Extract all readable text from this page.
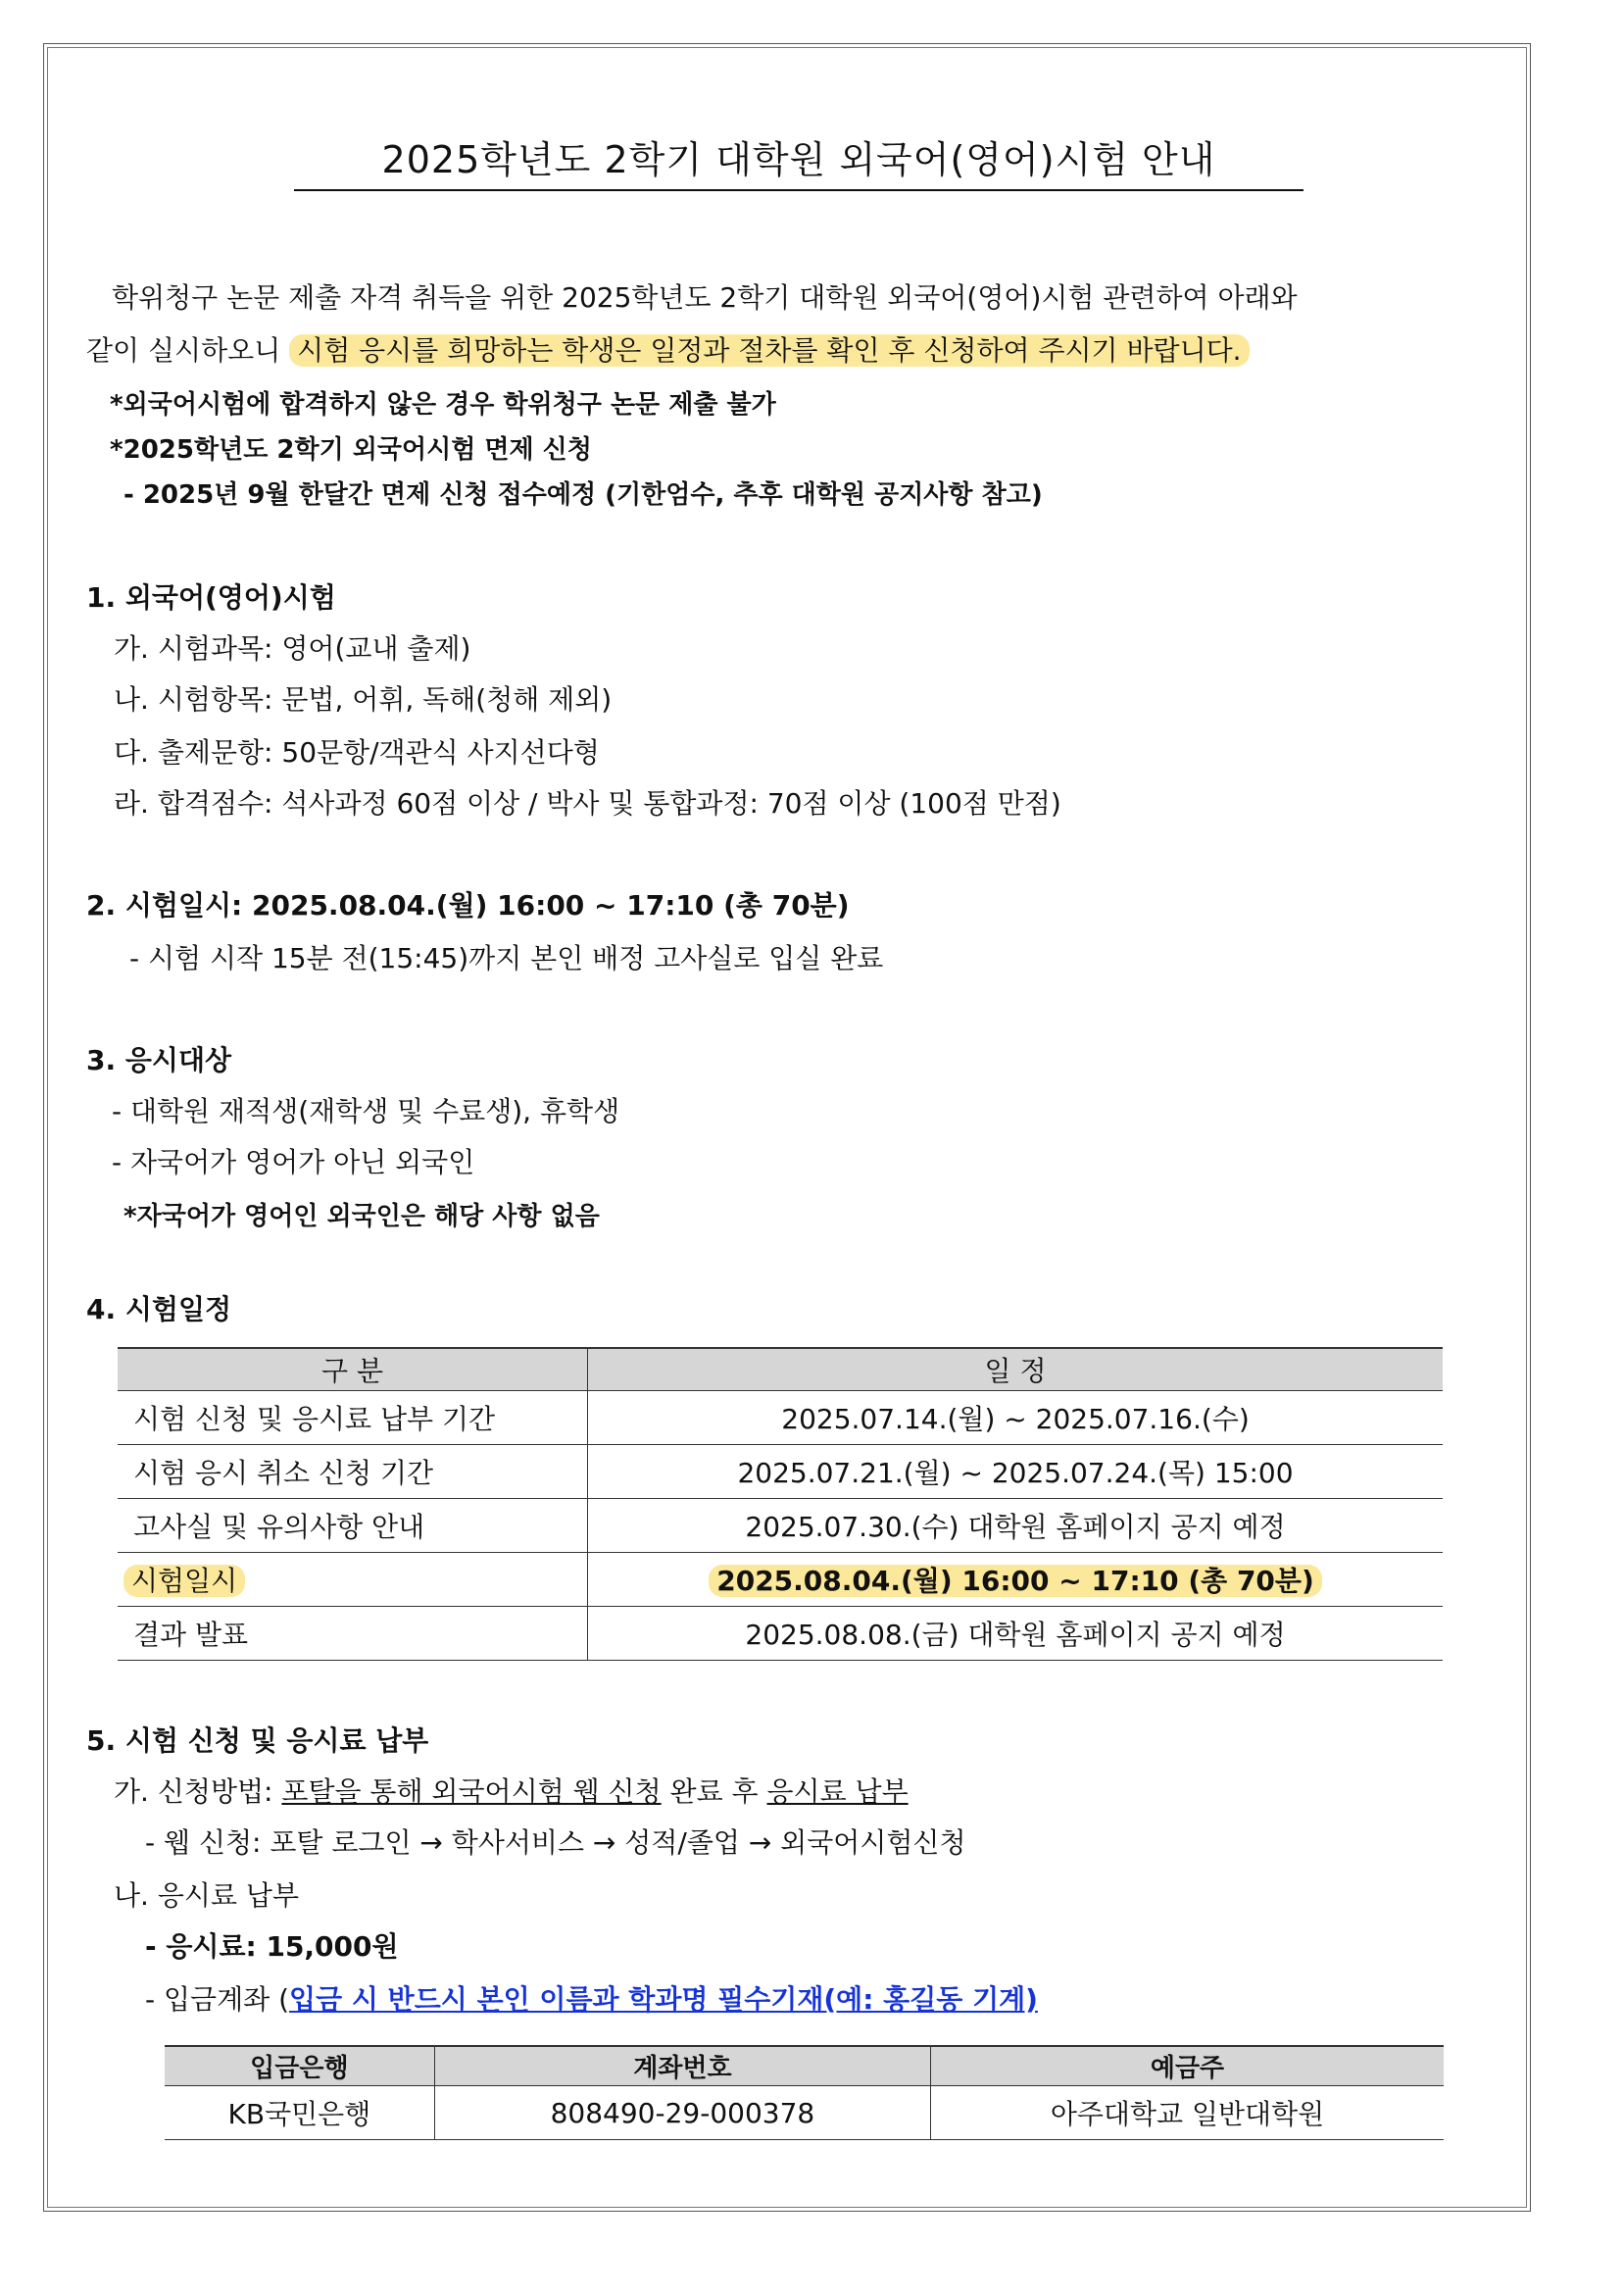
2025학년도 2학기 대학원 외국어(영어)시험 안내
학위청구 논문 제출 자격 취득을 위한 2025학년도 2학기 대학원 외국어(영어)시험 관련하여 아래와
같이 실시하오니 시험 응시를 희망하는 학생은 일정과 절차를 확인 후 신청하여 주시기 바랍니다.
*외국어시험에 합격하지 않은 경우 학위청구 논문 제출 불가
*2025학년도 2학기 외국어시험 면제 신청
- 2025년 9월 한달간 면제 신청 접수예정 (기한엄수, 추후 대학원 공지사항 참고)
1. 외국어(영어)시험
가. 시험과목: 영어(교내 출제)
나. 시험항목: 문법, 어휘, 독해(청해 제외)
다. 출제문항: 50문항/객관식 사지선다형
라. 합격점수: 석사과정 60점 이상 / 박사 및 통합과정: 70점 이상 (100점 만점)
2. 시험일시: 2025.08.04.(월) 16:00 ~ 17:10 (총 70분)
- 시험 시작 15분 전(15:45)까지 본인 배정 고사실로 입실 완료
3. 응시대상
- 대학원 재적생(재학생 및 수료생), 휴학생
- 자국어가 영어가 아닌 외국인
*자국어가 영어인 외국인은 해당 사항 없음
4. 시험일정
구 분	일 정
시험 신청 및 응시료 납부 기간	2025.07.14.(월) ~ 2025.07.16.(수)
시험 응시 취소 신청 기간	2025.07.21.(월) ~ 2025.07.24.(목) 15:00
고사실 및 유의사항 안내	2025.07.30.(수) 대학원 홈페이지 공지 예정
시험일시	2025.08.04.(월) 16:00 ~ 17:10 (총 70분)
결과 발표	2025.08.08.(금) 대학원 홈페이지 공지 예정
5. 시험 신청 및 응시료 납부
가. 신청방법: 포탈을 통해 외국어시험 웹 신청 완료 후 응시료 납부
- 웹 신청: 포탈 로그인 → 학사서비스 → 성적/졸업 → 외국어시험신청
나. 응시료 납부
- 응시료: 15,000원
- 입금계좌 (입금 시 반드시 본인 이름과 학과명 필수기재(예: 홍길동 기계)
입금은행	계좌번호	예금주
KB국민은행	808490-29-000378	아주대학교 일반대학원
